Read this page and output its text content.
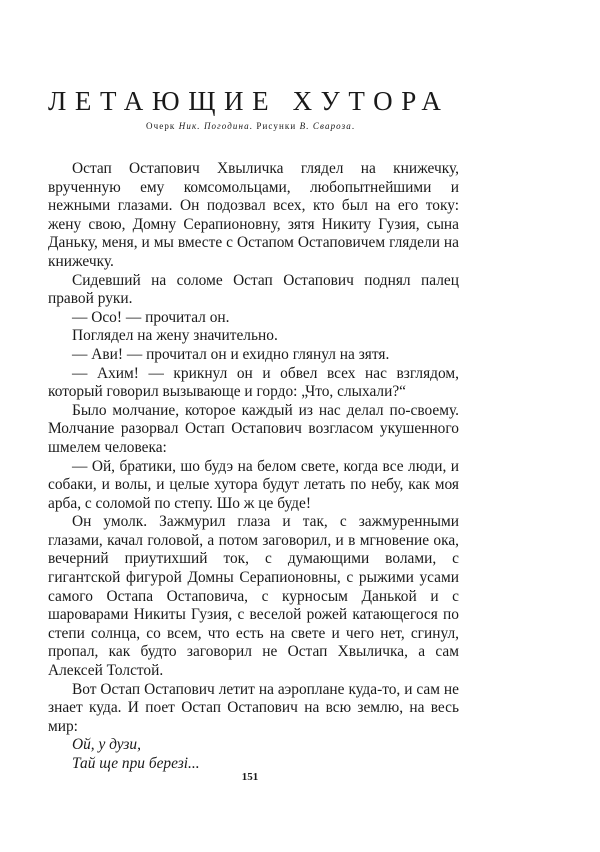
ЛЕТАЮЩИЕ ХУТОРА
Очерк Ник. Погодина. Рисунки В. Свароза.

Остап Остапович Хвыличка глядел на книжечку, врученную ему комсомольцами, любопытнейшими и нежными глазами. Он подозвал всех, кто был на его току: жену свою, Домну Серапионовну, зятя Никиту Гузия, сына Даньку, меня, и мы вместе с Остапом Остаповичем глядели на книжечку.

Сидевший на соломе Остап Остапович поднял палец правой руки.

— Осо! — прочитал он.

Поглядел на жену значительно.

— Ави! — прочитал он и ехидно глянул на зятя.

— Ахим! — крикнул он и обвел всех нас взглядом, который говорил вызывающе и гордо: „Что, слыхали?“

Было молчание, которое каждый из нас делал по-своему. Молчание разорвал Остап Остапович возгласом укушенного шмелем человека:

— Ой, братики, шо будэ на белом свете, когда все люди, и собаки, и волы, и целые хутора будут летать по небу, как моя арба, с соломой по степу. Шо ж це буде!

Он умолк. Зажмурил глаза и так, с зажмуренными глазами, качал головой, а потом заговорил, и в мгновение ока, вечерний приутихший ток, с думающими волами, с гигантской фигурой Домны Серапионовны, с рыжими усами самого Остапа Остаповича, с курносым Данькой и с шароварами Никиты Гузия, с веселой рожей катающегося по степи солнца, со всем, что есть на свете и чего нет, сгинул, пропал, как будто заговорил не Остап Хвыличка, а сам Алексей Толстой.

Вот Остап Остапович летит на аэроплане куда-то, и сам не знает куда. И поет Остап Остапович на всю землю, на весь мир:

Ой, у дузи,

Тай ще при березі...

151
